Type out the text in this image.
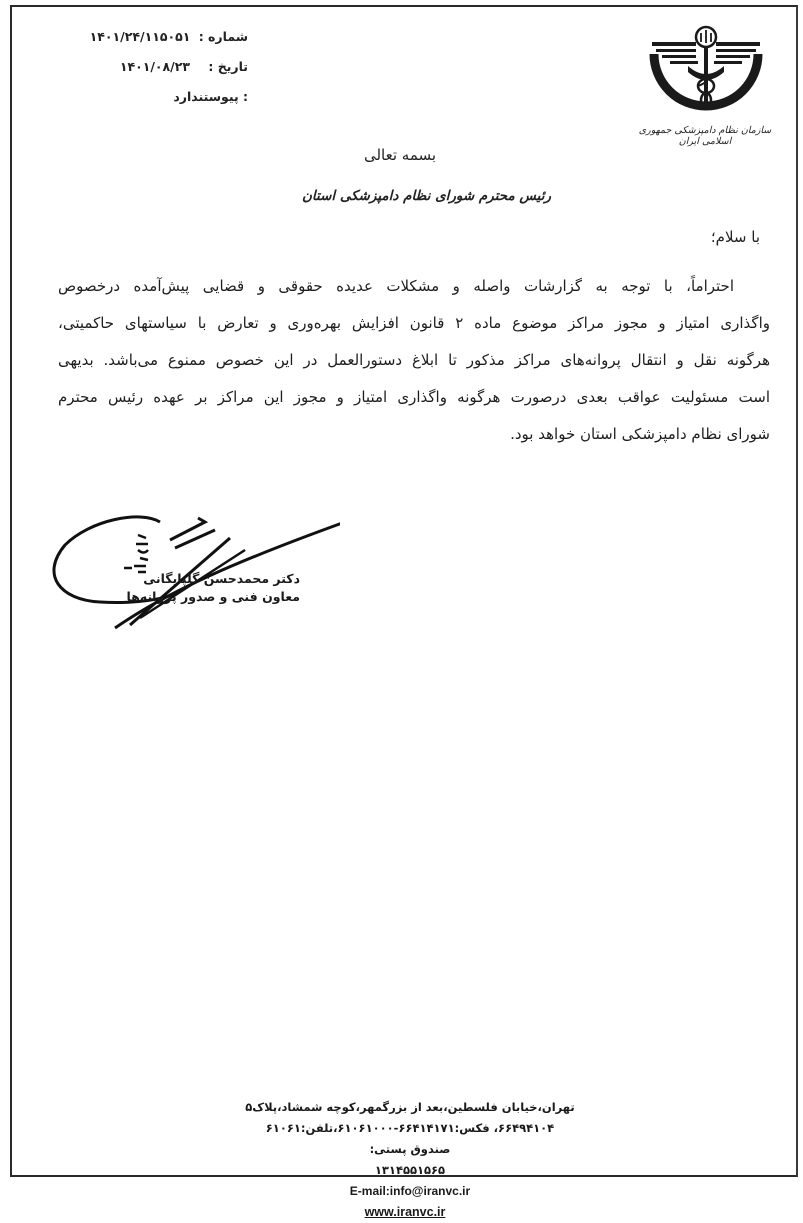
شماره : ۱۴۰۱/۲۴/۱۱۵۰۵۱
تاریخ : ۱۴۰۱/۰۸/۲۳
: پیوستندارد
سازمان نظام دامپزشکی جمهوری اسلامی ایران
بسمه تعالی
رئیس محترم شورای نظام دامپزشکی استان
با سلام؛
احتراماً، با توجه به گزارشات واصله و مشکلات عدیده حقوقی و قضایی پیش‌آمده درخصوص
واگذاری امتیاز و مجوز مراکز موضوع ماده ۲ قانون افزایش بهره‌وری و تعارض با سیاستهای حاکمیتی،
هرگونه نقل و انتقال پروانه‌های مراکز مذکور تا ابلاغ دستورالعمل در این خصوص ممنوع می‌باشد. بدیهی
است مسئولیت عواقب بعدی درصورت هرگونه واگذاری امتیاز و مجوز این مراکز بر عهده رئیس محترم
شورای نظام دامپزشکی استان خواهد بود.
دکتر محمدحسن گلپایگانی
معاون فنی و صدور پروانه‌ها
تهران،خیابان فلسطین،بعد از بزرگمهر،کوچه شمشاد،پلاک۵
۶۶۴۹۴۱۰۴، فکس:۶۶۴۱۴۱۷۱-۶۱۰۶۱۰۰۰،تلفن:۶۱۰۶۱
صندوق پستی:
۱۳۱۴۵۵۱۵۶۵
E-mail:info@iranvc.ir
www.iranvc.ir
